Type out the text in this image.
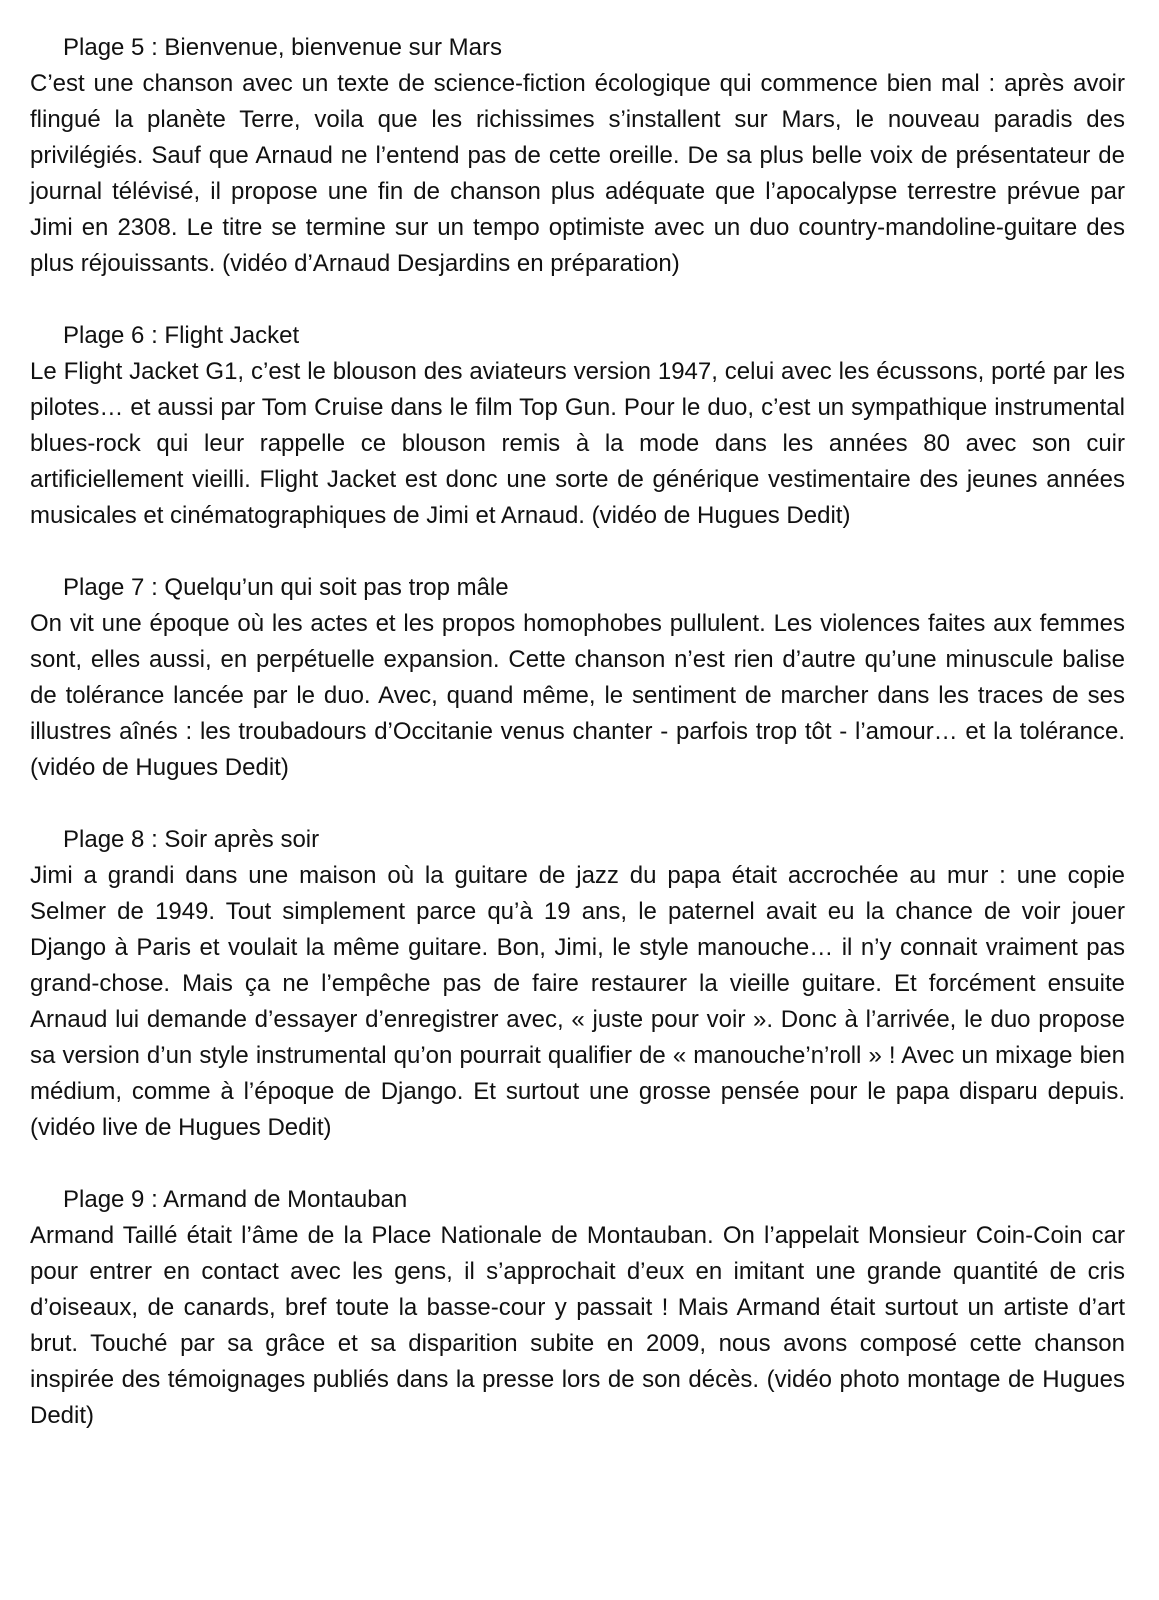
Plage 5 : Bienvenue, bienvenue sur Mars
C’est une chanson avec un texte de science-fiction écologique qui commence bien mal : après avoir flingué la planète Terre, voila que les richissimes s’installent sur Mars, le nouveau paradis des privilégiés. Sauf que Arnaud ne l’entend pas de cette oreille. De sa plus belle voix de présentateur de journal télévisé, il propose une fin de chanson plus adéquate que l’apocalypse terrestre prévue par Jimi en 2308. Le titre se termine sur un tempo optimiste avec un duo country-mandoline-guitare des plus réjouissants. (vidéo d’Arnaud Desjardins en préparation)
Plage 6 : Flight Jacket
Le Flight Jacket G1, c’est le blouson des aviateurs version 1947, celui avec les écussons, porté par les pilotes… et aussi par Tom Cruise dans le film Top Gun. Pour le duo, c’est un sympathique instrumental blues-rock qui leur rappelle ce blouson remis à la mode dans les années 80 avec son cuir artificiellement vieilli. Flight Jacket est donc une sorte de générique vestimentaire des jeunes années musicales et cinématographiques de Jimi et Arnaud. (vidéo de Hugues Dedit)
Plage 7 : Quelqu’un qui soit pas trop mâle
On vit une époque où les actes et les propos homophobes pullulent. Les violences faites aux femmes sont, elles aussi, en perpétuelle expansion. Cette chanson n’est rien d’autre qu’une minuscule balise de tolérance lancée par le duo. Avec, quand même, le sentiment de marcher dans les traces de ses illustres aînés : les troubadours d’Occitanie venus chanter - parfois trop tôt - l’amour… et la tolérance. (vidéo de Hugues Dedit)
Plage 8 : Soir après soir
Jimi a grandi dans une maison où la guitare de jazz du papa était accrochée au mur : une copie Selmer de 1949. Tout simplement parce qu’à 19 ans, le paternel avait eu la chance de voir jouer Django à Paris et voulait la même guitare. Bon, Jimi, le style manouche… il n’y connait vraiment pas grand-chose. Mais ça ne l’empêche pas de faire restaurer la vieille guitare. Et forcément ensuite Arnaud lui demande d’essayer d’enregistrer avec, « juste pour voir ». Donc à l’arrivée, le duo propose sa version d’un style instrumental qu’on pourrait qualifier de « manouche’n’roll » ! Avec un mixage bien médium, comme à l’époque de Django. Et surtout une grosse pensée pour le papa disparu depuis. (vidéo live de Hugues Dedit)
Plage 9 : Armand de Montauban
Armand Taillé était l’âme de la Place Nationale de Montauban. On l’appelait Monsieur Coin-Coin car pour entrer en contact avec les gens, il s’approchait d’eux en imitant une grande quantité de cris d’oiseaux, de canards, bref toute la basse-cour y passait ! Mais Armand était surtout un artiste d’art brut. Touché par sa grâce et sa disparition subite en 2009, nous avons composé cette chanson inspirée des témoignages publiés dans la presse lors de son décès. (vidéo photo montage de Hugues Dedit)
